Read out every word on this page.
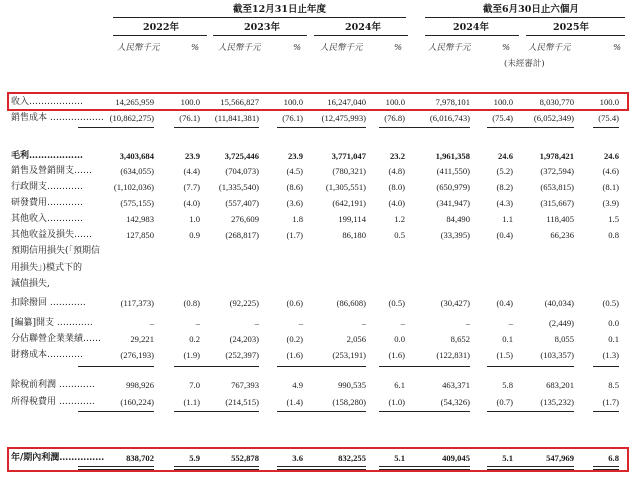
截至12月31日止年度	截至6月30日止六個月
2022年	2023年	2024年	2024年	2025年
人民幣千元	% 人民幣千元	% 人民幣千元	%	人民幣千元	% 人民幣千元	%
(未經審計)
收入………………	14,265,959	100.0	15,566,827	100.0	16,247,040	100.0	7,978,101	100.0	8,030,770	100.0
銷售成本 ……………… (10,862,275)	(76.1)	(11,841,381)	(76.1)	(12,475,993)	(76.8)	(6,016,743)	(75.4)	(6,052,349)	(75.4)
毛利………………	3,403,684	23.9	3,725,446	23.9	3,771,047	23.2	1,961,358	24.6	1,978,421	24.6
銷售及營銷開支……	(634,055)	(4.4)	(704,073)	(4.5)	(780,321)	(4.8)	(411,550)	(5.2)	(372,594)	(4.6)
行政開支…………	(1,102,036)	(7.7)	(1,335,540)	(8.6)	(1,305,551)	(8.0)	(650,979)	(8.2)	(653,815)	(8.1)
研發費用…………	(575,155)	(4.0)	(557,407)	(3.6)	(642,191)	(4.0)	(341,947)	(4.3)	(315,667)	(3.9)
其他收入…………	142,983	1.0	276,609	1.8	199,114	1.2	84,490	1.1	118,405	1.5
其他收益及損失……	127,850	0.9	(268,817)	(1.7)	86,180	0.5	(33,395)	(0.4)	66,236	0.8
預期信用損失(「預期信
用損失」)模式下的
減值損失,
扣除撥回 …………	(117,373)	(0.8)	(92,225)	(0.6)	(86,608)	(0.5)	(30,427)	(0.4)	(40,034)	(0.5)
[編纂]開支 …………	–	–	–	–	–	–	–	–	(2,449)	0.0
分佔聯營企業業績……	29,221	0.2	(24,203)	(0.2)	2,056	0.0	8,652	0.1	8,055	0.1
財務成本…………	(276,193)	(1.9)	(252,397)	(1.6)	(253,191)	(1.6)	(122,831)	(1.5)	(103,357)	(1.3)
除稅前利潤 …………	998,926	7.0	767,393	4.9	990,535	6.1	463,371	5.8	683,201	8.5
所得稅費用 …………	(160,224)	(1.1)	(214,515)	(1.4)	(158,280)	(1.0)	(54,326)	(0.7)	(135,232)	(1.7)
年/期內利潤……………	838,702	5.9	552,878	3.6	832,255	5.1	409,045	5.1	547,969	6.8
